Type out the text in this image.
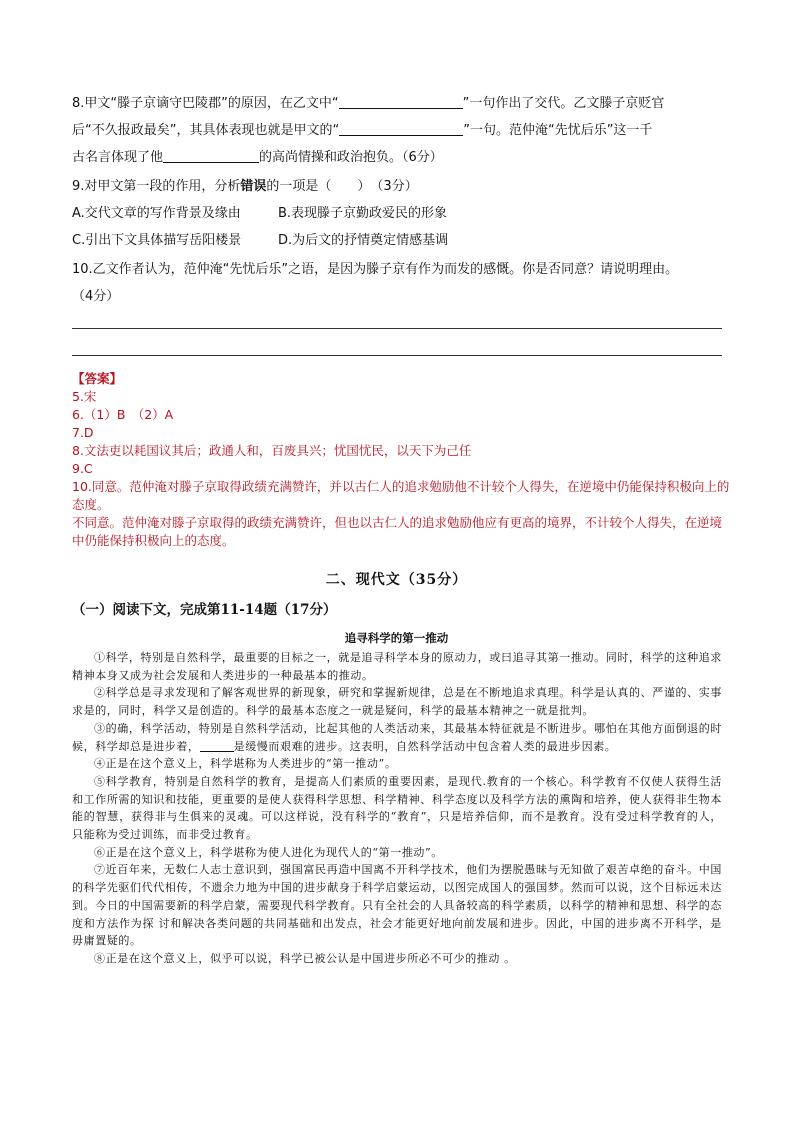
8.甲文“滕子京谪守巴陵郡”的原因，在乙文中“	”一句作出了交代。乙文滕子京贬官
后“不久报政最矣”，其具体表现也就是甲文的“	”一句。范仲淹“先忧后乐”这一千
古名言体现了他	的高尚情操和政治抱负。（6分）
9.对甲文第一段的作用，分析错误的一项是（　　）　（3分）
A.交代文章的写作背景及缘由	B.表现滕子京勤政爱民的形象
C.引出下文具体描写岳阳楼景	D.为后文的抒情奠定情感基调
10.乙文作者认为，范仲淹“先忧后乐”之语，是因为滕子京有作为而发的感慨。你是否同意？请说明理由。
（4分）
【答案】
5.宋
6.（1）B　（2）A
7.D
8.文法吏以耗国议其后；政通人和，百废具兴；忧国忧民，以天下为己任
9.C
10.同意。范仲淹对滕子京取得政绩充满赞许，并以古仁人的追求勉励他不计较个人得失，在逆境中仍能保持积极向上的态度。
不同意。范仲淹对滕子京取得的政绩充满赞许，但也以古仁人的追求勉励他应有更高的境界，不计较个人得失，在逆境中仍能保持积极向上的态度。
二、现代文（35分）
（一）阅读下文，完成第11-14题（17分）
追寻科学的第一推动

①科学，特别是自然科学，最重要的目标之一，就是追寻科学本身的原动力，或曰追寻其第一推动。同时，科学的这种追求精神本身又成为社会发展和人类进步的一种最基本的推动。

②科学总是寻求发现和了解客观世界的新现象，研究和掌握新规律，总是在不断地追求真理。科学是认真的、严谨的、实事求是的，同时，科学又是创造的。科学的最基本态度之一就是疑问，科学的最基本精神之一就是批判。

③的确，科学活动，特别是自然科学活动，比起其他的人类活动来，其最基本特征就是不断进步。哪怕在其他方面倒退的时候，科学却总是进步着，	是缓慢而艰难的进步。这表明，自然科学活动中包含着人类的最进步因素。

④正是在这个意义上，科学堪称为人类进步的“第一推动”。

⑤科学教育，特别是自然科学的教育，是提高人们素质的重要因素，是现代.教育的一个核心。科学教育不仅使人获得生活和工作所需的知识和技能，更重要的是使人获得科学思想、科学精神、科学态度以及科学方法的熏陶和培养，使人获得非生物本能的智慧，获得非与生俱来的灵魂。可以这样说，没有科学的“教育”，只是培养信仰，而不是教育。没有受过科学教育的人，只能称为受过训练，而非受过教育。

⑥正是在这个意义上，科学堪称为使人进化为现代人的“第一推动”。

⑦近百年来，无数仁人志士意识到，强国富民再造中国离不开科学技术，他们为摆脱愚昧与无知做了艰苦卓绝的奋斗。中国的科学先驱们代代相传，不遗余力地为中国的进步献身于科学启蒙运动，以图完成国人的强国梦。然而可以说，这个目标远未达到。今日的中国需要新的科学启蒙，需要现代科学教育。只有全社会的人具备较高的科学素质，以科学的精神和思想、科学的态度和方法作为探 讨和解决各类问题的共同基础和出发点，社会才能更好地向前发展和进步。因此，中国的进步离不开科学，是毋庸置疑的。

⑧正是在这个意义上，似乎可以说，科学已被公认是中国进步所必不可少的推动 。
